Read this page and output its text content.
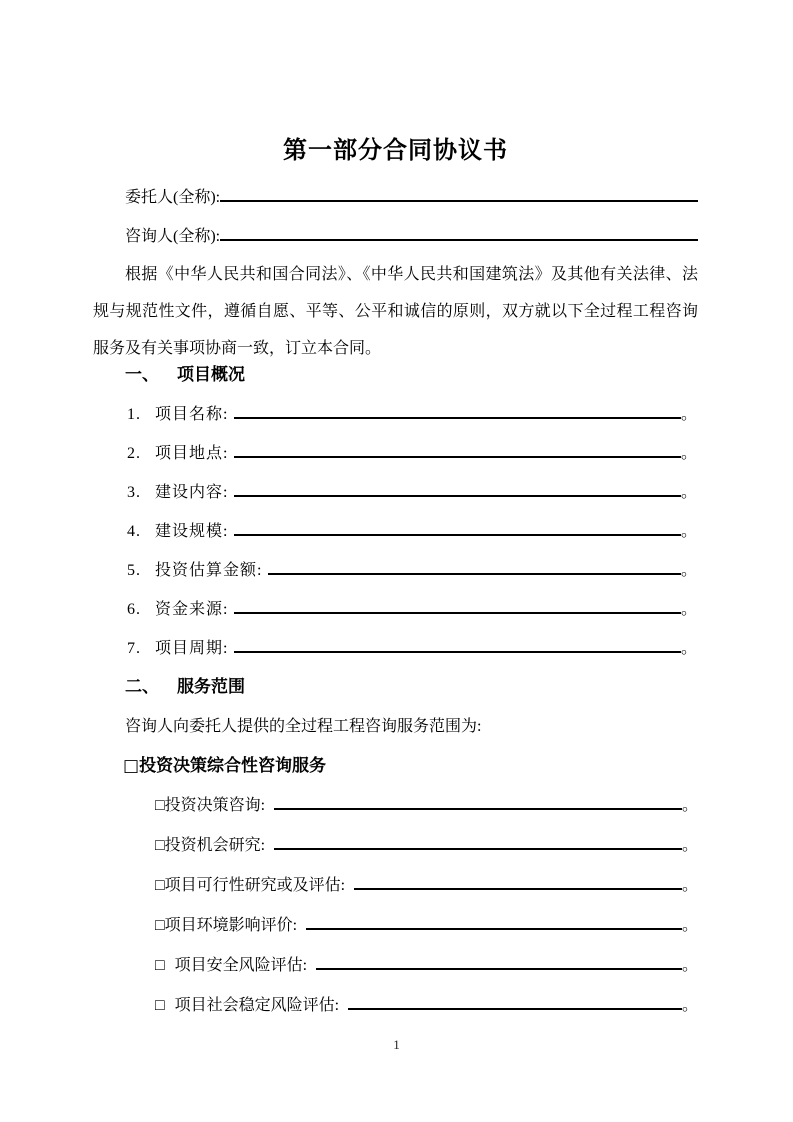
第一部分合同协议书
委托人(全称):
咨询人(全称):

根据《中华人民共和国合同法》、《中华人民共和国建筑法》及其他有关法律、法规与规范性文件，遵循自愿、平等、公平和诚信的原则，双方就以下全过程工程咨询服务及有关事项协商一致，订立本合同。

一、 项目概况
1. 项目名称:	。
2. 项目地点:	。
3. 建设内容:	。
4. 建设规模:	。
5. 投资估算金额:	。
6. 资金来源:	。
7. 项目周期:	。
二、 服务范围
咨询人向委托人提供的全过程工程咨询服务范围为:
□投资决策综合性咨询服务
□ 投资决策咨询:	。
□ 投资机会研究:	。
□ 项目可行性研究或及评估:	。
□ 项目环境影响评价:	。
□ 项目安全风险评估:	。
□ 项目社会稳定风险评估:	。
1
